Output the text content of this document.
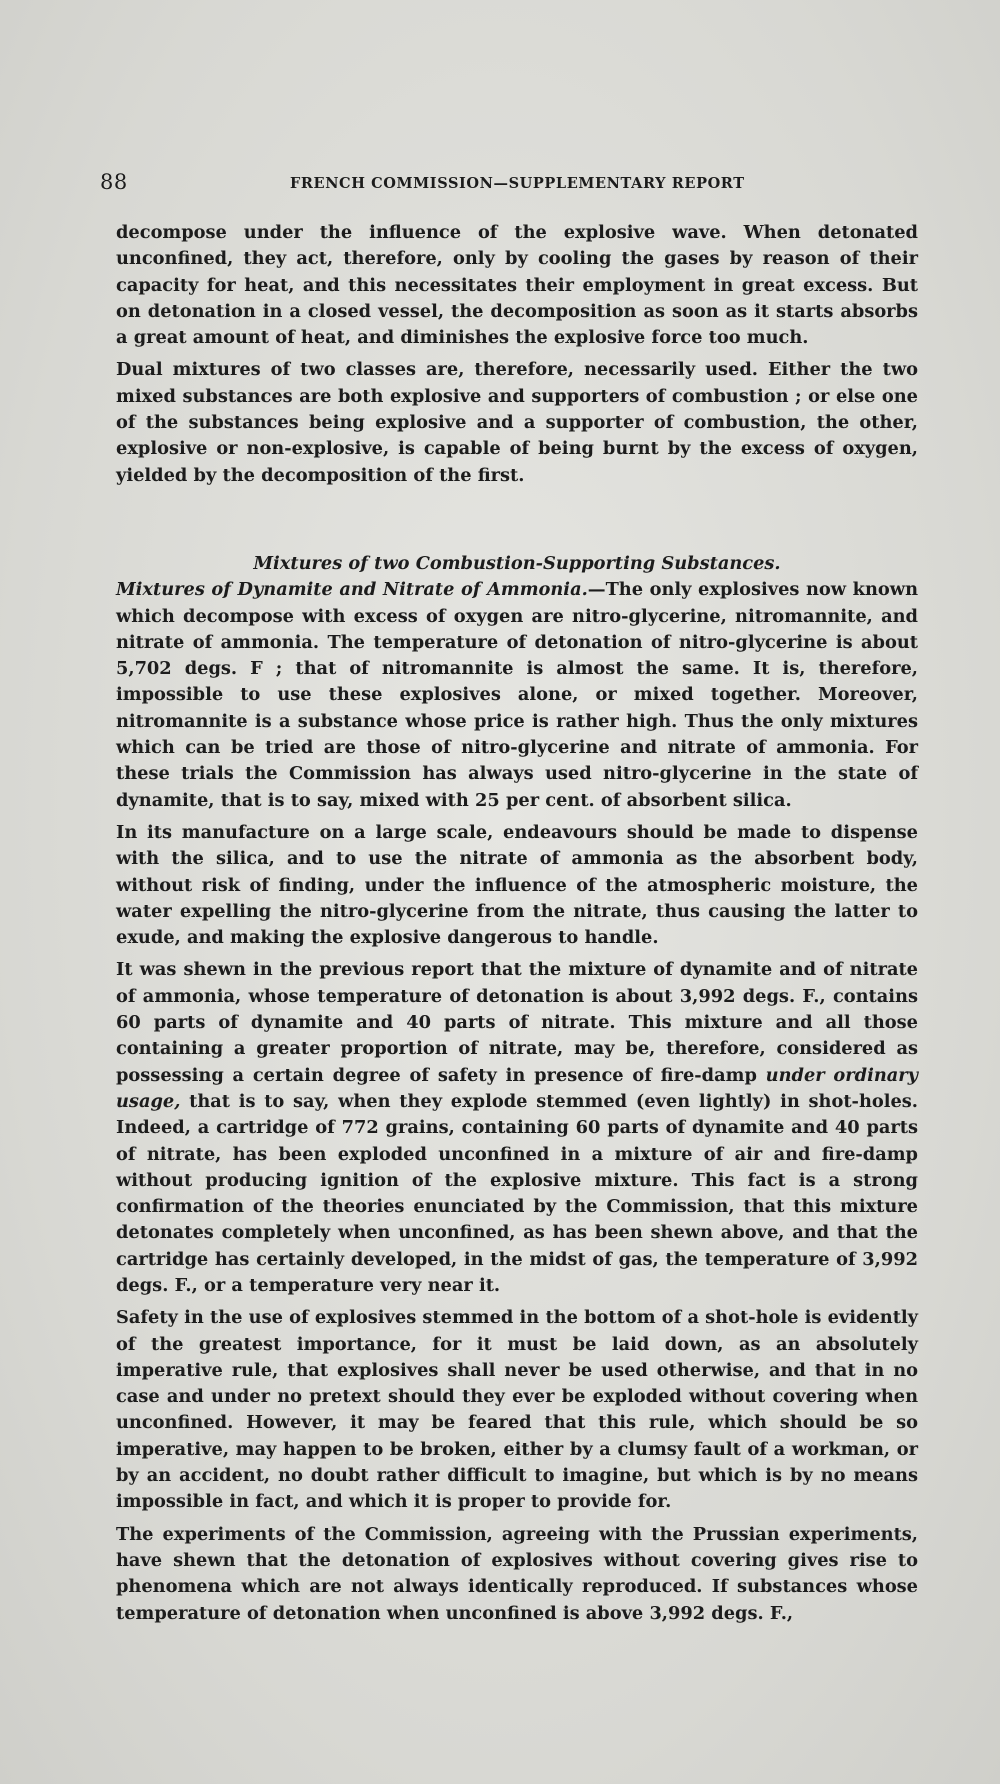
88	FRENCH COMMISSION—SUPPLEMENTARY REPORT

decompose under the influence of the explosive wave. When detonated unconfined, they act, therefore, only by cooling the gases by reason of their capacity for heat, and this necessitates their employment in great excess. But on detonation in a closed vessel, the decomposition as soon as it starts absorbs a great amount of heat, and diminishes the explosive force too much.

Dual mixtures of two classes are, therefore, necessarily used. Either the two mixed substances are both explosive and supporters of combustion ; or else one of the substances being explosive and a supporter of combustion, the other, explosive or non-explosive, is capable of being burnt by the excess of oxygen, yielded by the decomposition of the first.

Mixtures of two Combustion-Supporting Substances.

Mixtures of Dynamite and Nitrate of Ammonia.—The only explosives now known which decompose with excess of oxygen are nitro-glycerine, nitromannite, and nitrate of ammonia. The temperature of detonation of nitro-glycerine is about 5,702 degs. F ; that of nitromannite is almost the same. It is, therefore, impossible to use these explosives alone, or mixed together. Moreover, nitromannite is a substance whose price is rather high. Thus the only mixtures which can be tried are those of nitro-glycerine and nitrate of ammonia. For these trials the Commission has always used nitro-glycerine in the state of dynamite, that is to say, mixed with 25 per cent. of absorbent silica.

In its manufacture on a large scale, endeavours should be made to dispense with the silica, and to use the nitrate of ammonia as the absorbent body, without risk of finding, under the influence of the atmospheric moisture, the water expelling the nitro-glycerine from the nitrate, thus causing the latter to exude, and making the explosive dangerous to handle.

It was shewn in the previous report that the mixture of dynamite and of nitrate of ammonia, whose temperature of detonation is about 3,992 degs. F., contains 60 parts of dynamite and 40 parts of nitrate. This mixture and all those containing a greater proportion of nitrate, may be, therefore, considered as possessing a certain degree of safety in presence of fire-damp under ordinary usage, that is to say, when they explode stemmed (even lightly) in shot-holes. Indeed, a cartridge of 772 grains, containing 60 parts of dynamite and 40 parts of nitrate, has been exploded unconfined in a mixture of air and fire-damp without producing ignition of the explosive mixture. This fact is a strong confirmation of the theories enunciated by the Commission, that this mixture detonates completely when unconfined, as has been shewn above, and that the cartridge has certainly developed, in the midst of gas, the temperature of 3,992 degs. F., or a temperature very near it.

Safety in the use of explosives stemmed in the bottom of a shot-hole is evidently of the greatest importance, for it must be laid down, as an absolutely imperative rule, that explosives shall never be used otherwise, and that in no case and under no pretext should they ever be exploded without covering when unconfined. However, it may be feared that this rule, which should be so imperative, may happen to be broken, either by a clumsy fault of a workman, or by an accident, no doubt rather difficult to imagine, but which is by no means impossible in fact, and which it is proper to provide for.

The experiments of the Commission, agreeing with the Prussian experiments, have shewn that the detonation of explosives without covering gives rise to phenomena which are not always identically reproduced. If substances whose temperature of detonation when unconfined is above 3,992 degs. F.,
